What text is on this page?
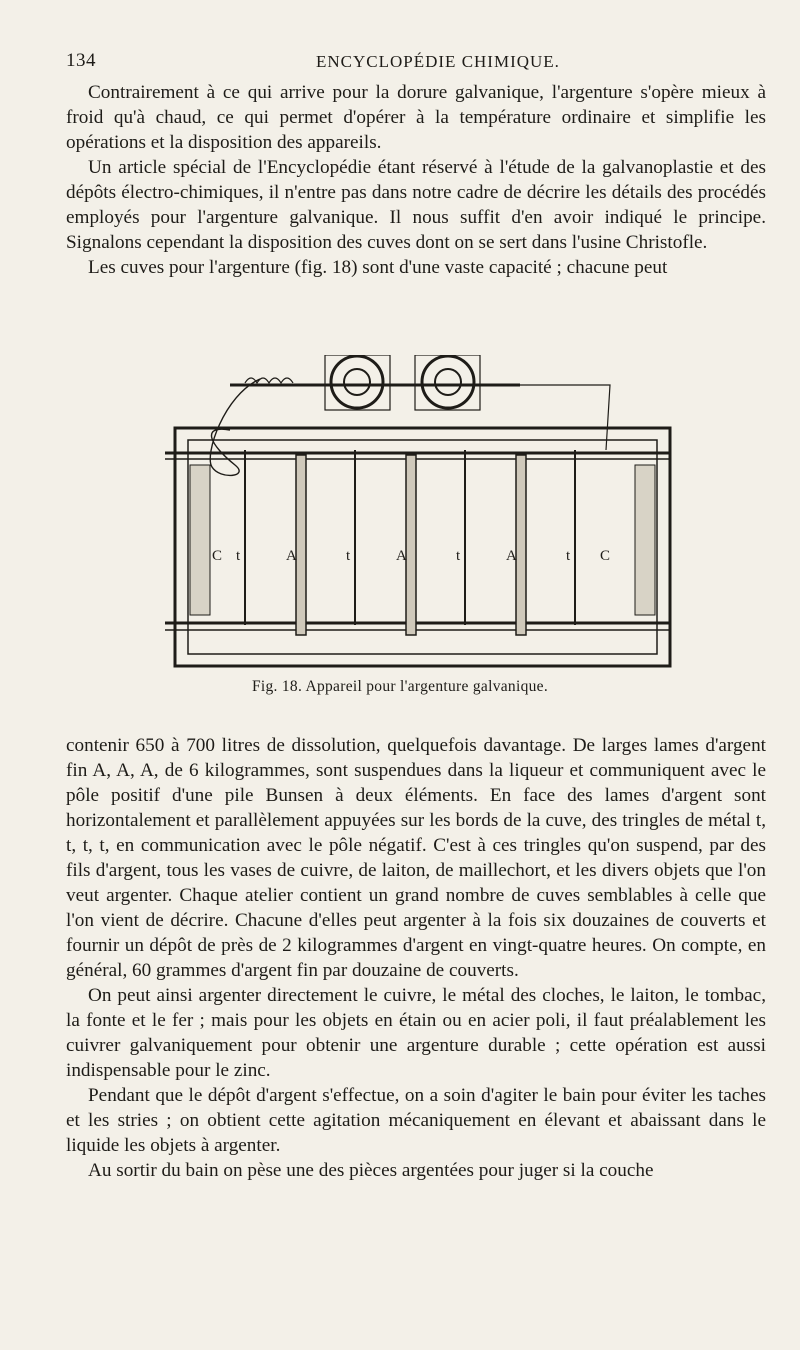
134	ENCYCLOPÉDIE CHIMIQUE.

Contrairement à ce qui arrive pour la dorure galvanique, l'argenture s'opère mieux à froid qu'à chaud, ce qui permet d'opérer à la température ordinaire et simplifie les opérations et la disposition des appareils.

Un article spécial de l'Encyclopédie étant réservé à l'étude de la galvanoplastie et des dépôts électro-chimiques, il n'entre pas dans notre cadre de décrire les détails des procédés employés pour l'argenture galvanique. Il nous suffit d'en avoir indiqué le principe. Signalons cependant la disposition des cuves dont on se sert dans l'usine Christofle.

Les cuves pour l'argenture (fig. 18) sont d'une vaste capacité ; chacune peut

C t	A	t	A	t	A	t C
Fig. 18. Appareil pour l'argenture galvanique.

contenir 650 à 700 litres de dissolution, quelquefois davantage. De larges lames d'argent fin A, A, A, de 6 kilogrammes, sont suspendues dans la liqueur et communiquent avec le pôle positif d'une pile Bunsen à deux éléments. En face des lames d'argent sont horizontalement et parallèlement appuyées sur les bords de la cuve, des tringles de métal t, t, t, t, en communication avec le pôle négatif. C'est à ces tringles qu'on suspend, par des fils d'argent, tous les vases de cuivre, de laiton, de maillechort, et les divers objets que l'on veut argenter. Chaque atelier contient un grand nombre de cuves semblables à celle que l'on vient de décrire. Chacune d'elles peut argenter à la fois six douzaines de couverts et fournir un dépôt de près de 2 kilogrammes d'argent en vingt-quatre heures. On compte, en général, 60 grammes d'argent fin par douzaine de couverts.

On peut ainsi argenter directement le cuivre, le métal des cloches, le laiton, le tombac, la fonte et le fer ; mais pour les objets en étain ou en acier poli, il faut préalablement les cuivrer galvaniquement pour obtenir une argenture durable ; cette opération est aussi indispensable pour le zinc.

Pendant que le dépôt d'argent s'effectue, on a soin d'agiter le bain pour éviter les taches et les stries ; on obtient cette agitation mécaniquement en élevant et abaissant dans le liquide les objets à argenter.

Au sortir du bain on pèse une des pièces argentées pour juger si la couche
